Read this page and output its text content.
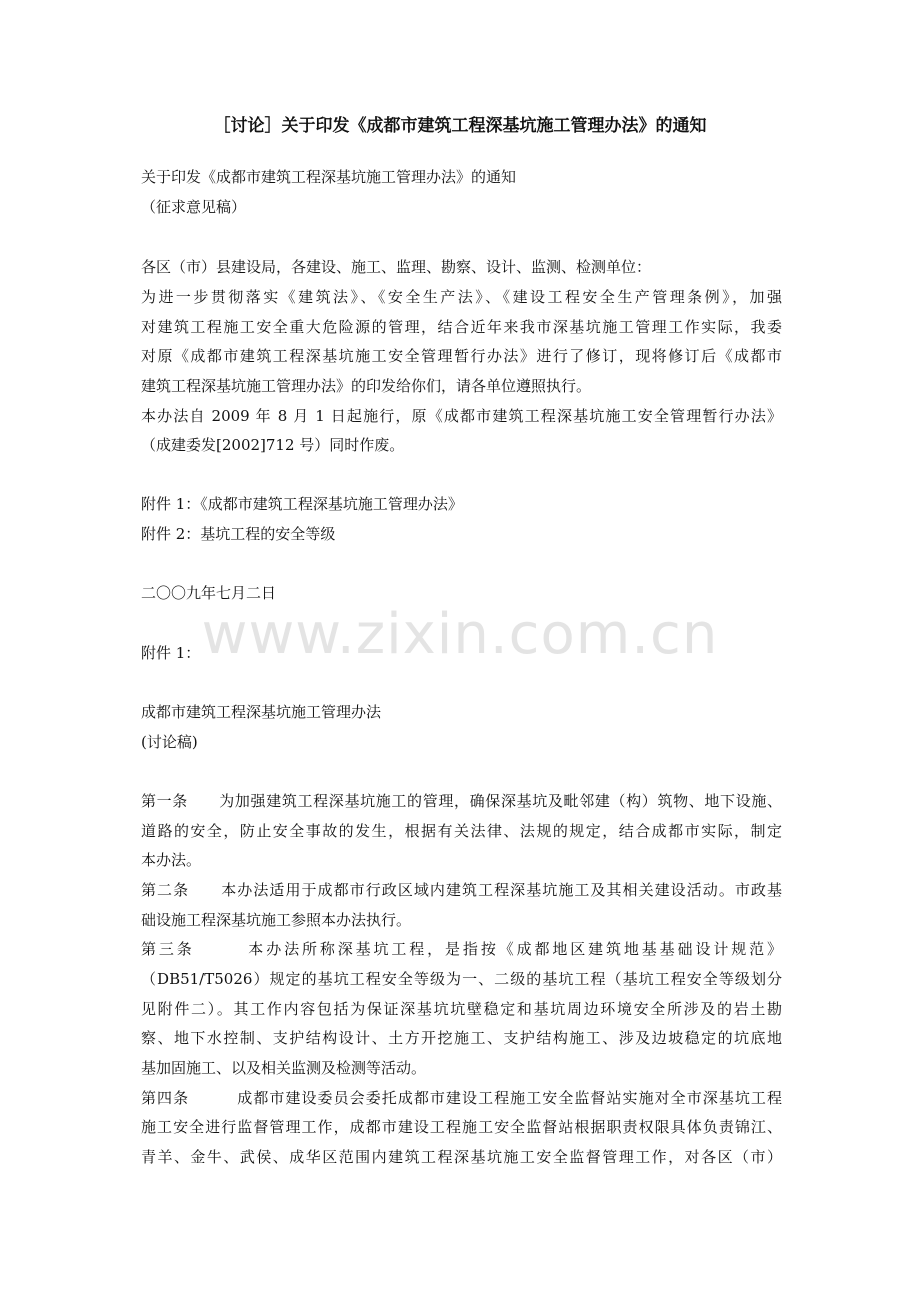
www.zixin.com.cn
［讨论］关于印发《成都市建筑工程深基坑施工管理办法》的通知
关于印发《成都市建筑工程深基坑施工管理办法》的通知
（征求意见稿）
各区（市）县建设局，各建设、施工、监理、勘察、设计、监测、检测单位：
为进一步贯彻落实《建筑法》、《安全生产法》、《建设工程安全生产管理条例》，加强
对建筑工程施工安全重大危险源的管理，结合近年来我市深基坑施工管理工作实际，我委
对原《成都市建筑工程深基坑施工安全管理暂行办法》进行了修订，现将修订后《成都市
建筑工程深基坑施工管理办法》的印发给你们，请各单位遵照执行。
本办法自 2009 年 8 月 1 日起施行，原《成都市建筑工程深基坑施工安全管理暂行办法》
（成建委发[2002]712 号）同时作废。
附件 1：《成都市建筑工程深基坑施工管理办法》
附件 2：基坑工程的安全等级
二〇〇九年七月二日
附件 1：
成都市建筑工程深基坑施工管理办法
(讨论稿)
第一条　　为加强建筑工程深基坑施工的管理，确保深基坑及毗邻建（构）筑物、地下设施、
道路的安全，防止安全事故的发生，根据有关法律、法规的规定，结合成都市实际，制定
本办法。
第二条　　本办法适用于成都市行政区域内建筑工程深基坑施工及其相关建设活动。市政基
础设施工程深基坑施工参照本办法执行。
第三条　　　本办法所称深基坑工程，是指按《成都地区建筑地基基础设计规范》
（DB51/T5026）规定的基坑工程安全等级为一、二级的基坑工程（基坑工程安全等级划分
见附件二）。其工作内容包括为保证深基坑坑壁稳定和基坑周边环境安全所涉及的岩土勘
察、地下水控制、支护结构设计、土方开挖施工、支护结构施工、涉及边坡稳定的坑底地
基加固施工、以及相关监测及检测等活动。
第四条　　　成都市建设委员会委托成都市建设工程施工安全监督站实施对全市深基坑工程
施工安全进行监督管理工作，成都市建设工程施工安全监督站根据职责权限具体负责锦江、
青羊、金牛、武侯、成华区范围内建筑工程深基坑施工安全监督管理工作，对各区（市）
